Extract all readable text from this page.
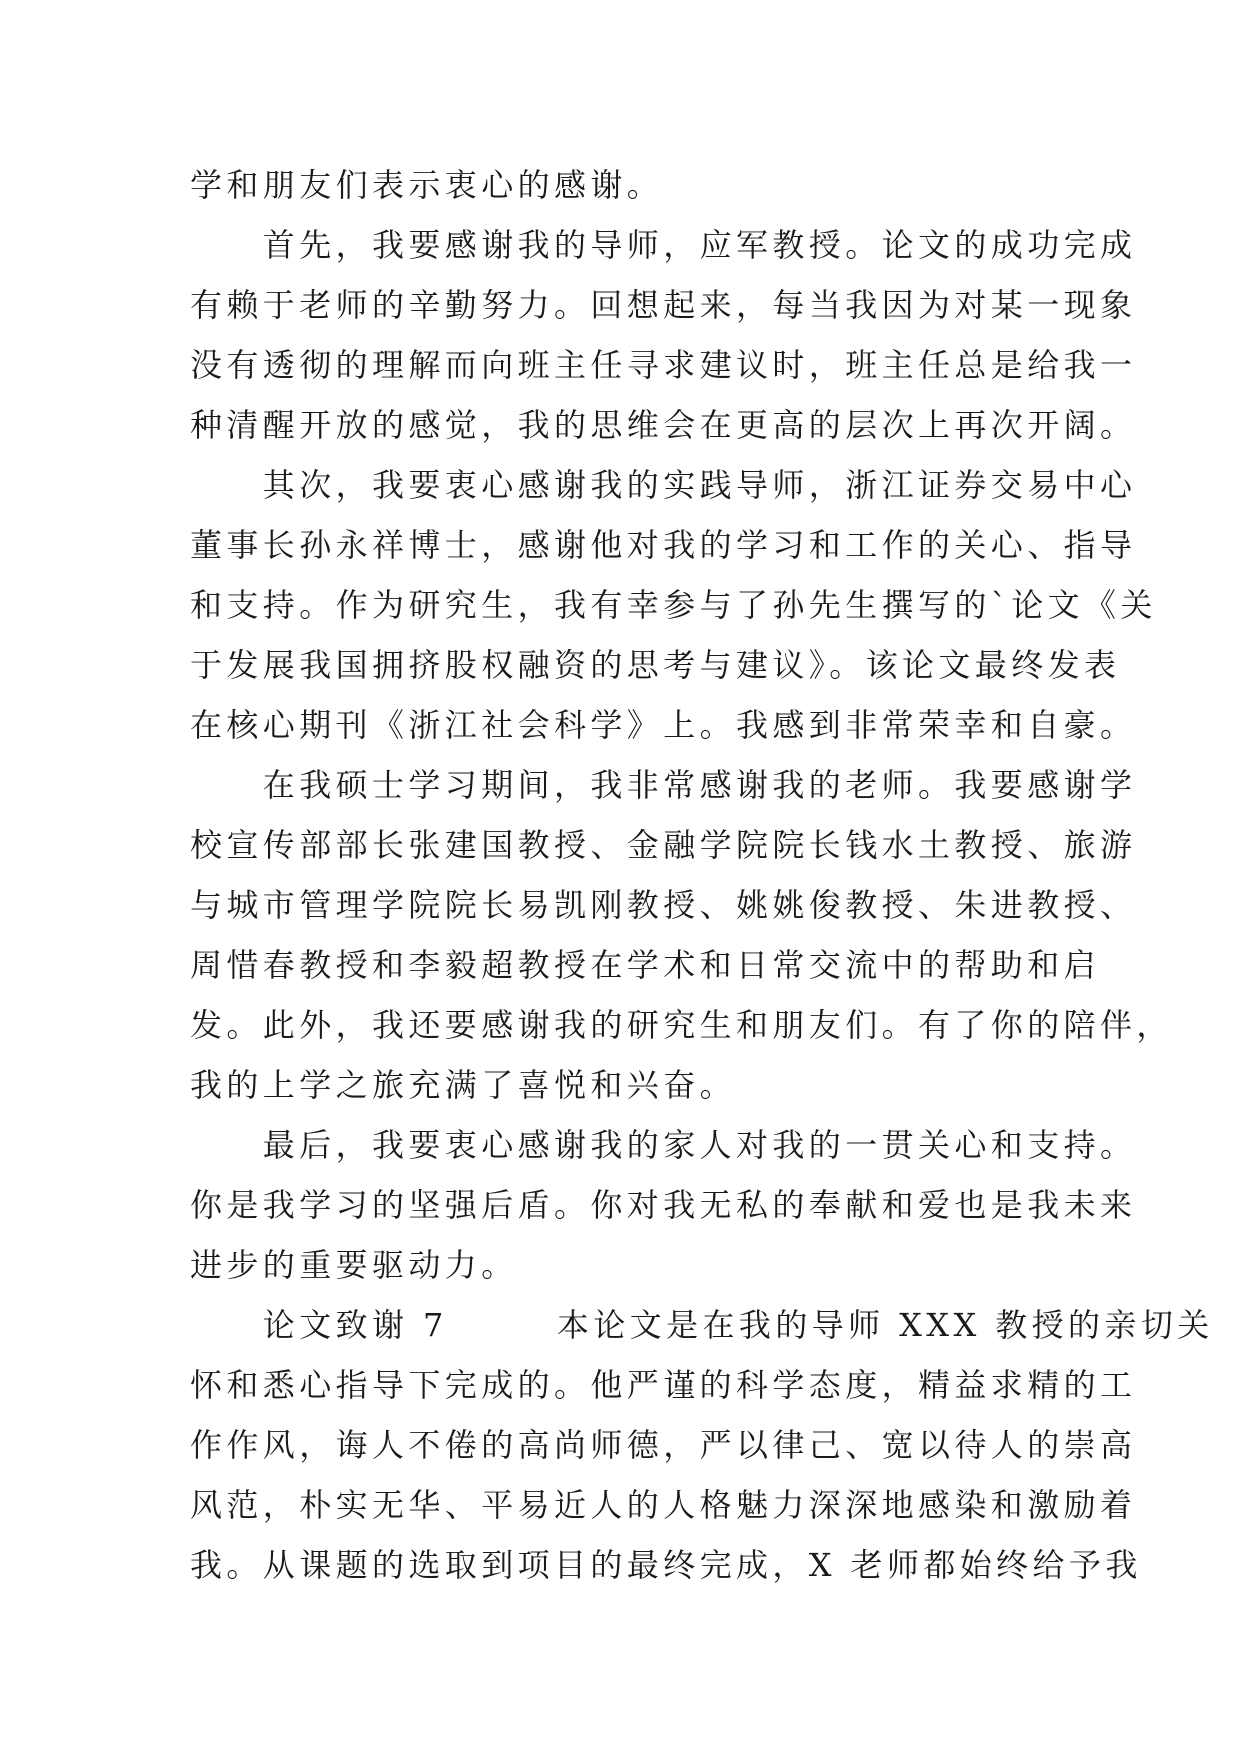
学和朋友们表示衷心的感谢。
　　首先，我要感谢我的导师，应军教授。论文的成功完成
有赖于老师的辛勤努力。回想起来，每当我因为对某一现象
没有透彻的理解而向班主任寻求建议时，班主任总是给我一
种清醒开放的感觉，我的思维会在更高的层次上再次开阔。
　　其次，我要衷心感谢我的实践导师，浙江证券交易中心
董事长孙永祥博士，感谢他对我的学习和工作的关心、指导
和支持。作为研究生，我有幸参与了孙先生撰写的`论文《关
于发展我国拥挤股权融资的思考与建议》。该论文最终发表
在核心期刊《浙江社会科学》上。我感到非常荣幸和自豪。
　　在我硕士学习期间，我非常感谢我的老师。我要感谢学
校宣传部部长张建国教授、金融学院院长钱水土教授、旅游
与城市管理学院院长易凯刚教授、姚姚俊教授、朱进教授、
周惜春教授和李毅超教授在学术和日常交流中的帮助和启
发。此外，我还要感谢我的研究生和朋友们。有了你的陪伴，
我的上学之旅充满了喜悦和兴奋。
　　最后，我要衷心感谢我的家人对我的一贯关心和支持。
你是我学习的坚强后盾。你对我无私的奉献和爱也是我未来
进步的重要驱动力。
　　论文致谢 7　　　本论文是在我的导师 XXX 教授的亲切关
怀和悉心指导下完成的。他严谨的科学态度，精益求精的工
作作风，诲人不倦的高尚师德，严以律己、宽以待人的崇高
风范，朴实无华、平易近人的人格魅力深深地感染和激励着
我。从课题的选取到项目的最终完成，X 老师都始终给予我
